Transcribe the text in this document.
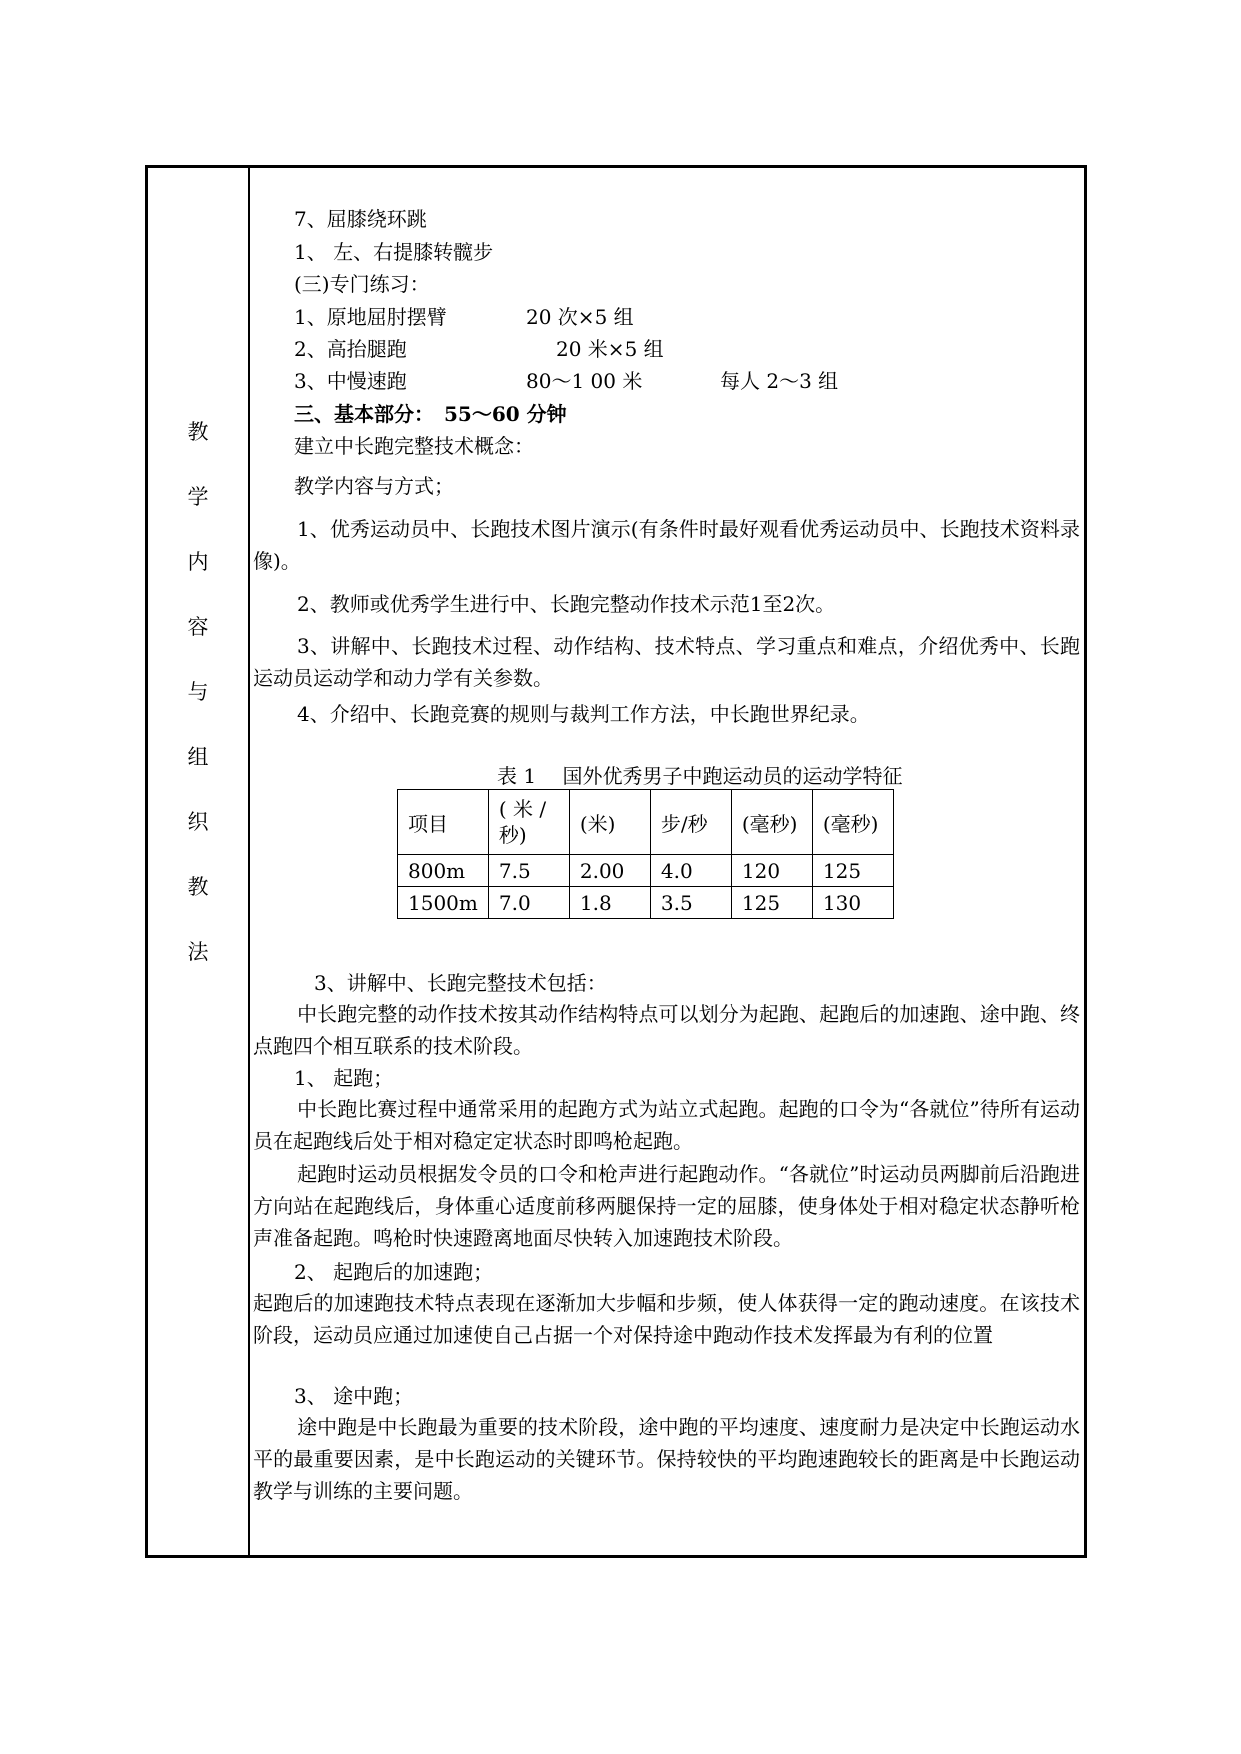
教
学
内
容
与
组
织
教
法
7、屈膝绕环跳
1、 左、右提膝转髋步
(三)专门练习：
1、原地屈肘摆臂	20 次×5 组
2、高抬腿跑	20 米×5 组
3、中慢速跑	80～1 00 米	每人 2～3 组
三、基本部分：　55～60 分钟
建立中长跑完整技术概念：
教学内容与方式；
1、优秀运动员中、长跑技术图片演示(有条件时最好观看优秀运动员中、长跑技术资料录像)。
2、教师或优秀学生进行中、长跑完整动作技术示范1至2次。
3、讲解中、长跑技术过程、动作结构、技术特点、学习重点和难点，介绍优秀中、长跑运动员运动学和动力学有关参数。
4、介绍中、长跑竞赛的规则与裁判工作方法，中长跑世界纪录。
表 1　 国外优秀男子中跑运动员的运动学特征
项目	( 米 / 秒)	(米)	步/秒	(毫秒)	(毫秒)
800m	7.5	2.00	4.0	120	125
1500m	7.0	1.8	3.5	125	130
3、讲解中、长跑完整技术包括：
中长跑完整的动作技术按其动作结构特点可以划分为起跑、起跑后的加速跑、途中跑、终点跑四个相互联系的技术阶段。
1、 起跑；
中长跑比赛过程中通常采用的起跑方式为站立式起跑。起跑的口令为“各就位”待所有运动员在起跑线后处于相对稳定定状态时即鸣枪起跑。
起跑时运动员根据发令员的口令和枪声进行起跑动作。“各就位”时运动员两脚前后沿跑进方向站在起跑线后，身体重心适度前移两腿保持一定的屈膝，使身体处于相对稳定状态静听枪声准备起跑。鸣枪时快速蹬离地面尽快转入加速跑技术阶段。
2、 起跑后的加速跑；
起跑后的加速跑技术特点表现在逐渐加大步幅和步频，使人体获得一定的跑动速度。在该技术阶段，运动员应通过加速使自己占据一个对保持途中跑动作技术发挥最为有利的位置
3、 途中跑；
途中跑是中长跑最为重要的技术阶段，途中跑的平均速度、速度耐力是决定中长跑运动水平的最重要因素，是中长跑运动的关键环节。保持较快的平均跑速跑较长的距离是中长跑运动教学与训练的主要问题。
